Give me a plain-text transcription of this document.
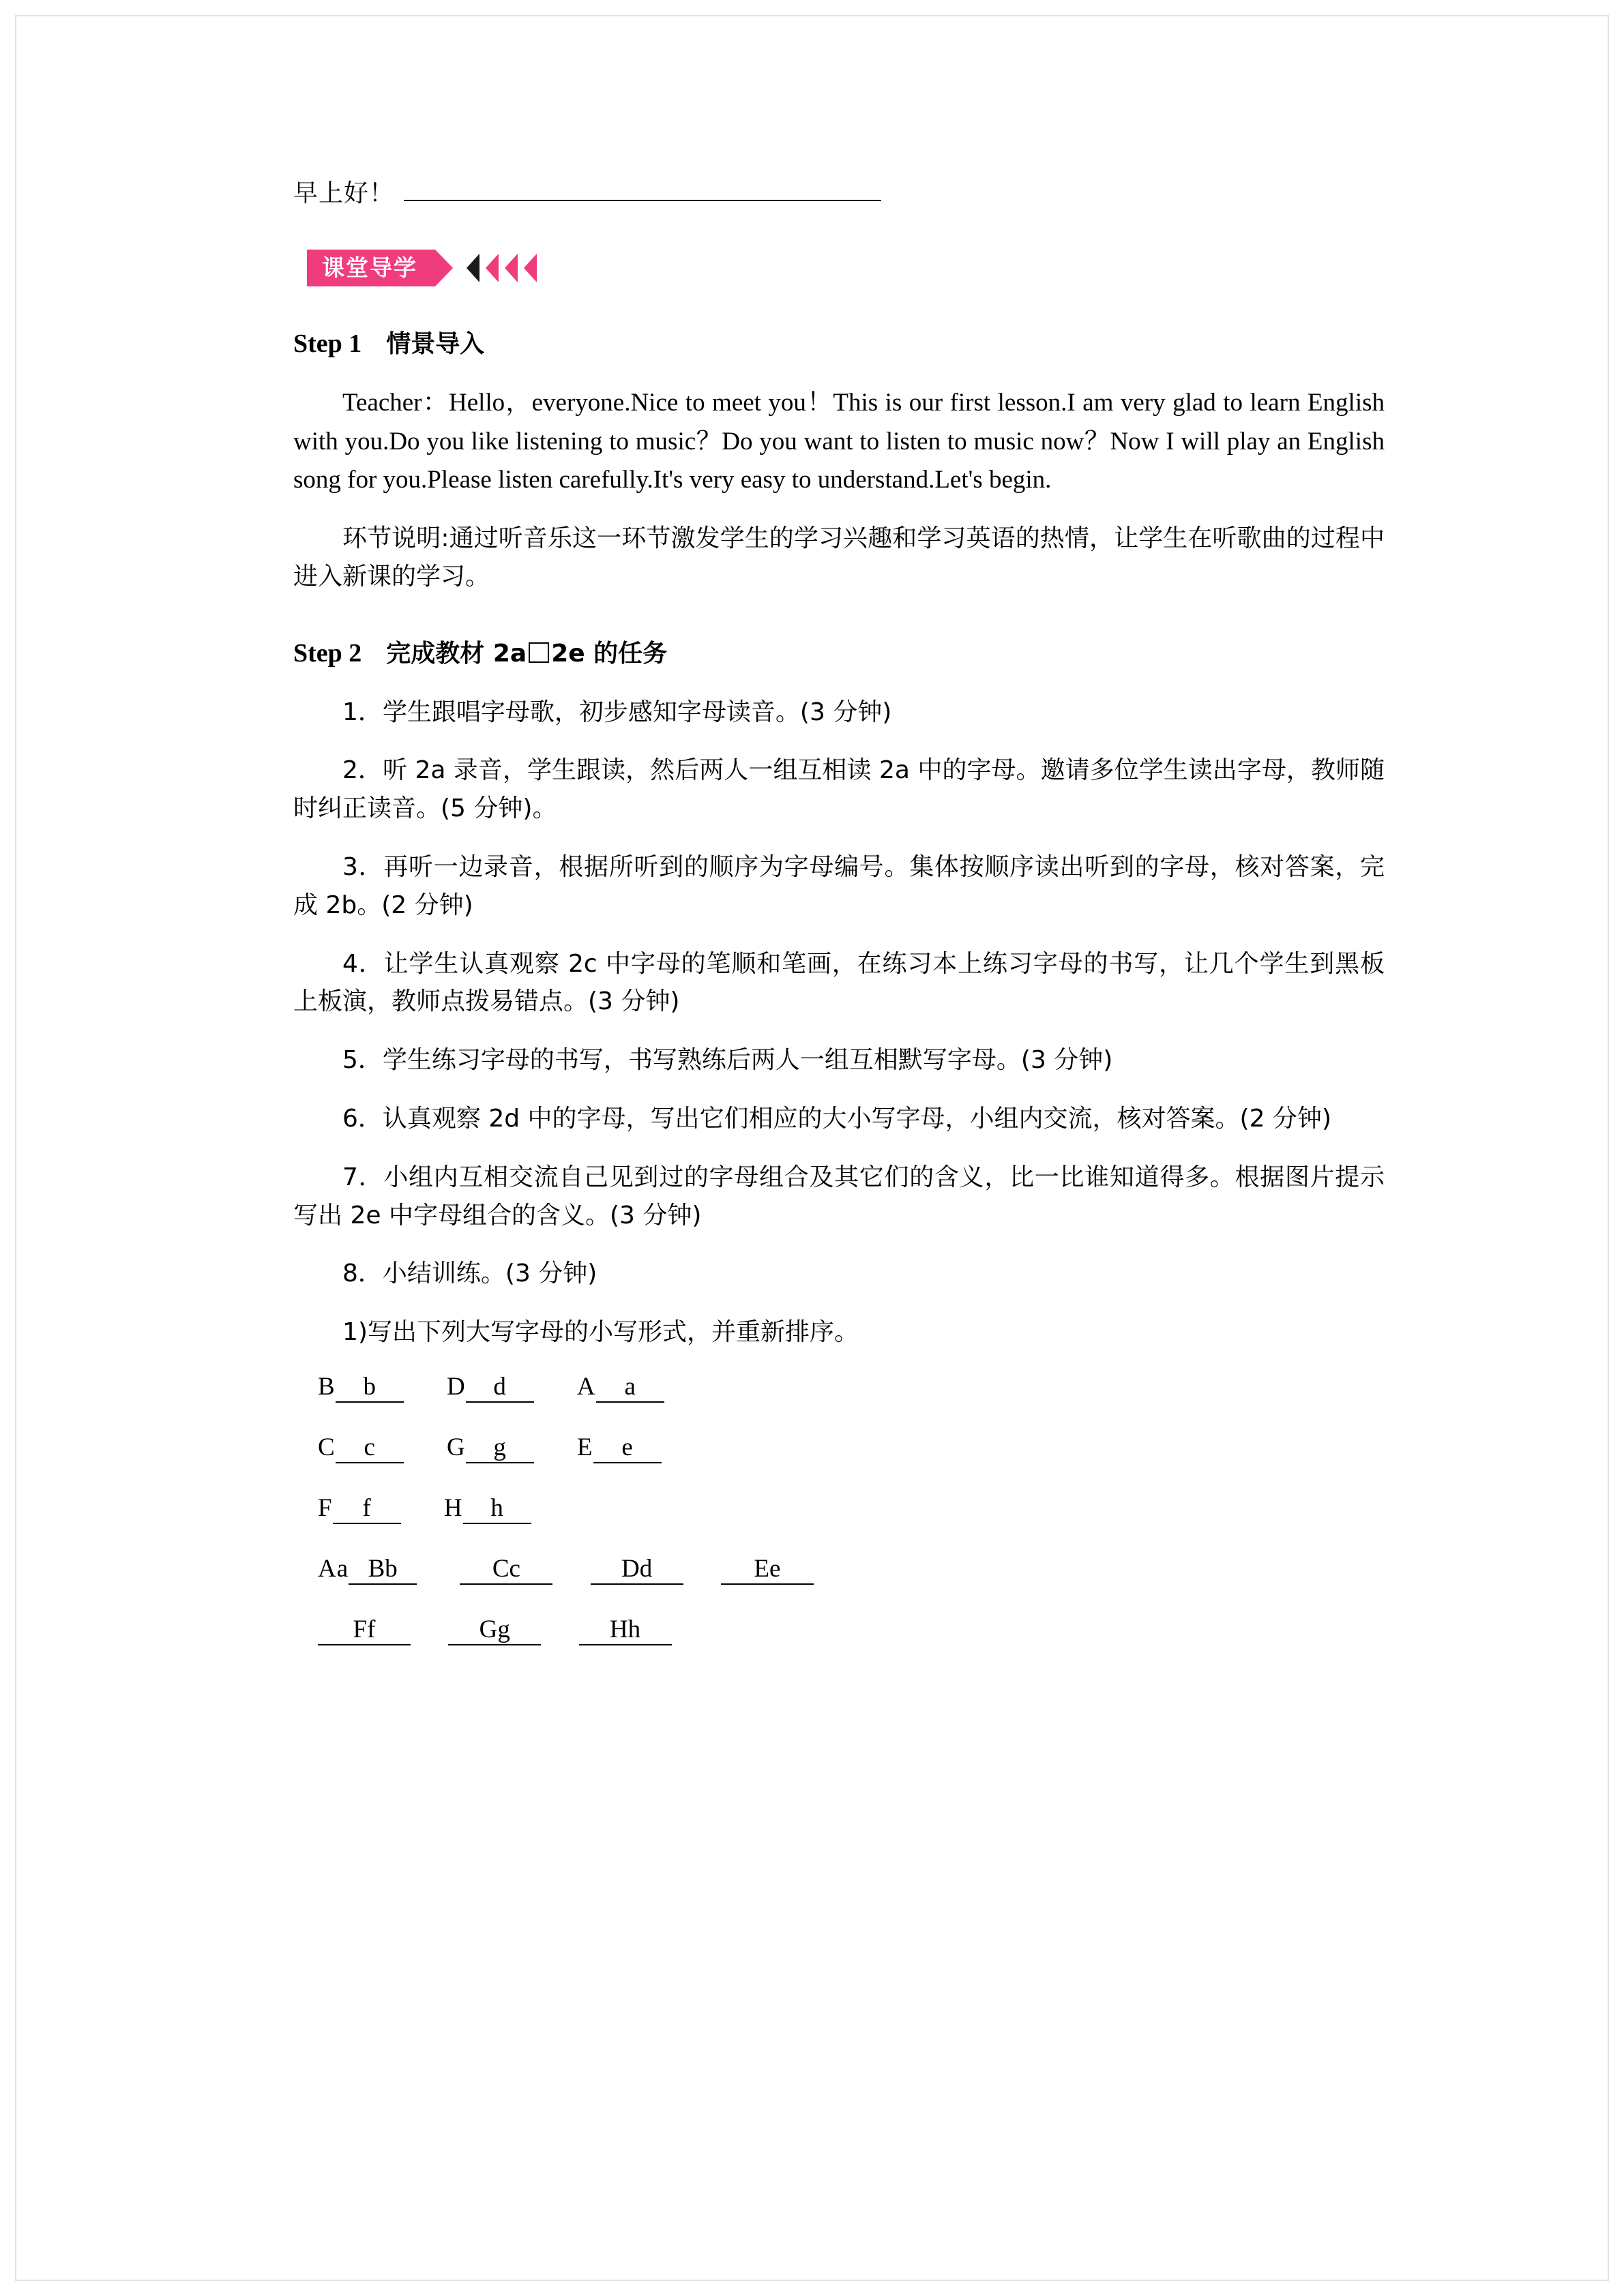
早上好！
课堂导学
Step 1 情景导入

Teacher：Hello，everyone.Nice to meet you！This is our first lesson.I am very glad to learn English with you.Do you like listening to music？Do you want to listen to music now？Now I will play an English song for you.Please listen carefully.It's very easy to understand.Let's begin.

环节说明:通过听音乐这一环节激发学生的学习兴趣和学习英语的热情，让学生在听歌曲的过程中进入新课的学习。

Step 2 完成教材 2a 2e 的任务

1．学生跟唱字母歌，初步感知字母读音。(3 分钟)

2．听 2a 录音，学生跟读，然后两人一组互相读 2a 中的字母。邀请多位学生读出字母，教师随时纠正读音。(5 分钟)。

3．再听一边录音，根据所听到的顺序为字母编号。集体按顺序读出听到的字母，核对答案，完成 2b。(2 分钟)

4．让学生认真观察 2c 中字母的笔顺和笔画，在练习本上练习字母的书写，让几个学生到黑板上板演，教师点拨易错点。(3 分钟)

5．学生练习字母的书写，书写熟练后两人一组互相默写字母。(3 分钟)

6．认真观察 2d 中的字母，写出它们相应的大小写字母，小组内交流，核对答案。(2 分钟)

7．小组内互相交流自己见到过的字母组合及其它们的含义，比一比谁知道得多。根据图片提示写出 2e 中字母组合的含义。(3 分钟)

8．小结训练。(3 分钟)

1)写出下列大写字母的小写形式，并重新排序。

B b	D d	A a
C c	G g	E e
F f	H h
Aa Bb	Cc	Dd	Ee
Ff	Gg	Hh
